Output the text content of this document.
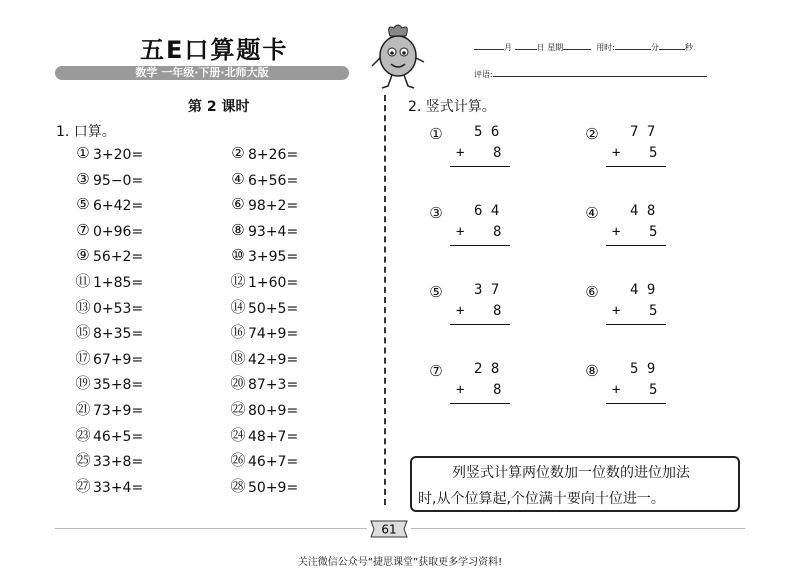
五E口算题卡
数学 一年级·下册·北师大版
月	日 星期	用时:	分	秒
评语:
第 2 课时
1. 口算。
① 3+20=	② 8+26=
③ 95−0=	④ 6+56=
⑤ 6+42=	⑥ 98+2=
⑦ 0+96=	⑧ 93+4=
⑨ 56+2=	⑩ 3+95=
⑪ 1+85=	⑫ 1+60=
⑬ 0+53=	⑭ 50+5=
⑮ 8+35=	⑯ 74+9=
⑰ 67+9=	⑱ 42+9=
⑲ 35+8=	⑳ 87+3=
㉑ 73+9=	㉒ 80+9=
㉓ 46+5=	㉔ 48+7=
㉕ 33+8=	㉖ 46+7=
㉗ 33+4=	㉘ 50+9=
2. 竖式计算。
① 5 6
+ 8
② 7 7
+ 5
③ 6 4
+ 8
④ 4 8
+ 5
⑤ 3 7
+ 8
⑥ 4 9
+ 5
⑦ 2 8
+ 8
⑧ 5 9
+ 5
列竖式计算两位数加一位数的进位加法
时,从个位算起,个位满十要向十位进一。
61
关注微信公众号“捷思课堂”获取更多学习资料!
